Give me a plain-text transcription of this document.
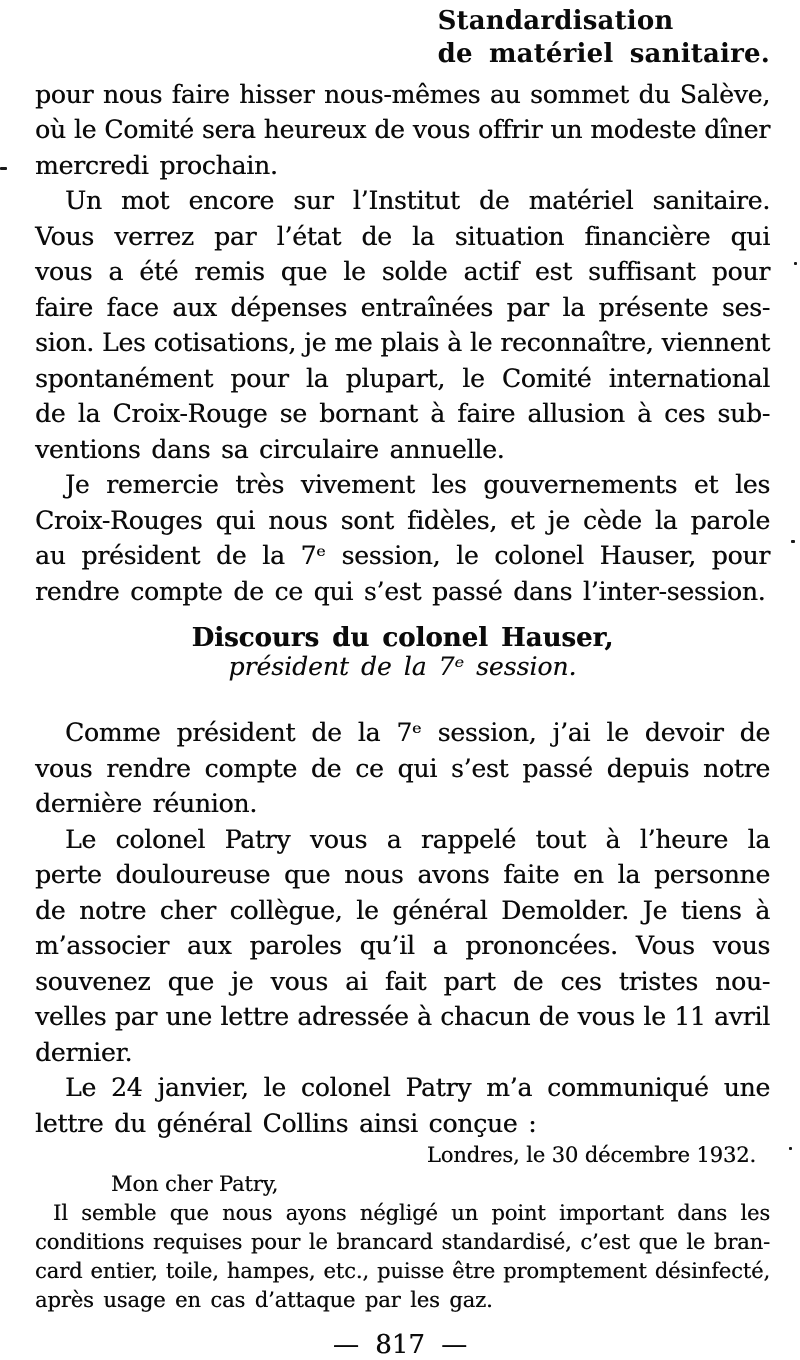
Standardisation
de matériel sanitaire.
pour nous faire hisser nous-mêmes au sommet du Salève,
où le Comité sera heureux de vous offrir un modeste dîner
mercredi prochain.
Un mot encore sur l’Institut de matériel sanitaire.
Vous verrez par l’état de la situation financière qui
vous a été remis que le solde actif est suffisant pour
faire face aux dépenses entraînées par la présente ses-
sion. Les cotisations, je me plais à le reconnaître, viennent
spontanément pour la plupart, le Comité international
de la Croix-Rouge se bornant à faire allusion à ces sub-
ventions dans sa circulaire annuelle.
Je remercie très vivement les gouvernements et les
Croix-Rouges qui nous sont fidèles, et je cède la parole
au président de la 7ᵉ session, le colonel Hauser, pour
rendre compte de ce qui s’est passé dans l’inter-session.
Discours du colonel Hauser,
président de la 7ᵉ session.
Comme président de la 7ᵉ session, j’ai le devoir de
vous rendre compte de ce qui s’est passé depuis notre
dernière réunion.
Le colonel Patry vous a rappelé tout à l’heure la
perte douloureuse que nous avons faite en la personne
de notre cher collègue, le général Demolder. Je tiens à
m’associer aux paroles qu’il a prononcées. Vous vous
souvenez que je vous ai fait part de ces tristes nou-
velles par une lettre adressée à chacun de vous le 11 avril
dernier.
Le 24 janvier, le colonel Patry m’a communiqué une
lettre du général Collins ainsi conçue :
Londres, le 30 décembre 1932.
Mon cher Patry,
Il semble que nous ayons négligé un point important dans les
conditions requises pour le brancard standardisé, c’est que le bran-
card entier, toile, hampes, etc., puisse être promptement désinfecté,
après usage en cas d’attaque par les gaz.
— 817 —
